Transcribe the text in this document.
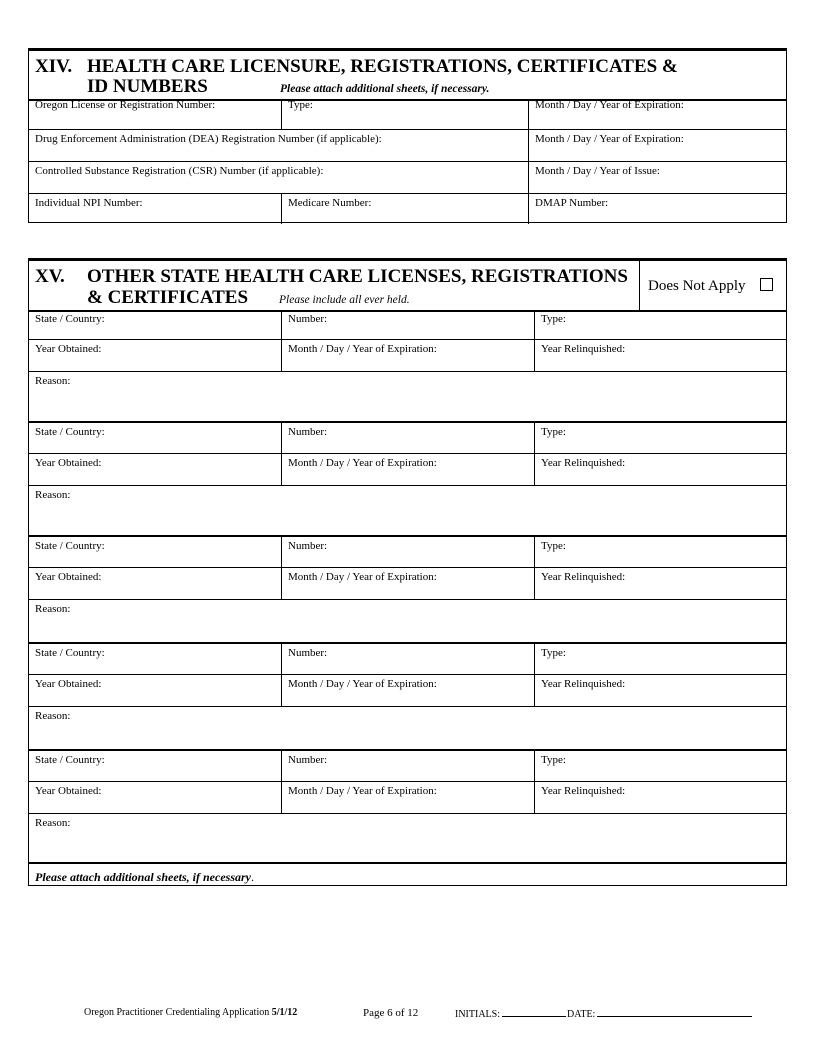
XIV. HEALTH CARE LICENSURE, REGISTRATIONS, CERTIFICATES &
ID NUMBERS	Please attach additional sheets, if necessary.
Oregon License or Registration Number:	Type:	Month / Day / Year of Expiration:
Drug Enforcement Administration (DEA) Registration Number (if applicable):	Month / Day / Year of Expiration:
Controlled Substance Registration (CSR) Number (if applicable):	Month / Day / Year of Issue:
Individual NPI Number:	Medicare Number:	DMAP Number:
XV. OTHER STATE HEALTH CARE LICENSES, REGISTRATIONS
& CERTIFICATES	Please include all ever held.
Does Not Apply
State / Country:	Number:	Type:
Year Obtained:	Month / Day / Year of Expiration:	Year Relinquished:
Reason:
State / Country:	Number:	Type:
Year Obtained:	Month / Day / Year of Expiration:	Year Relinquished:
Reason:
State / Country:	Number:	Type:
Year Obtained:	Month / Day / Year of Expiration:	Year Relinquished:
Reason:
State / Country:	Number:	Type:
Year Obtained:	Month / Day / Year of Expiration:	Year Relinquished:
Reason:
State / Country:	Number:	Type:
Year Obtained:	Month / Day / Year of Expiration:	Year Relinquished:
Reason:
Please attach additional sheets, if necessary.
Oregon Practitioner Credentialing Application 5/1/12	Page 6 of 12	INITIALS:	DATE:
